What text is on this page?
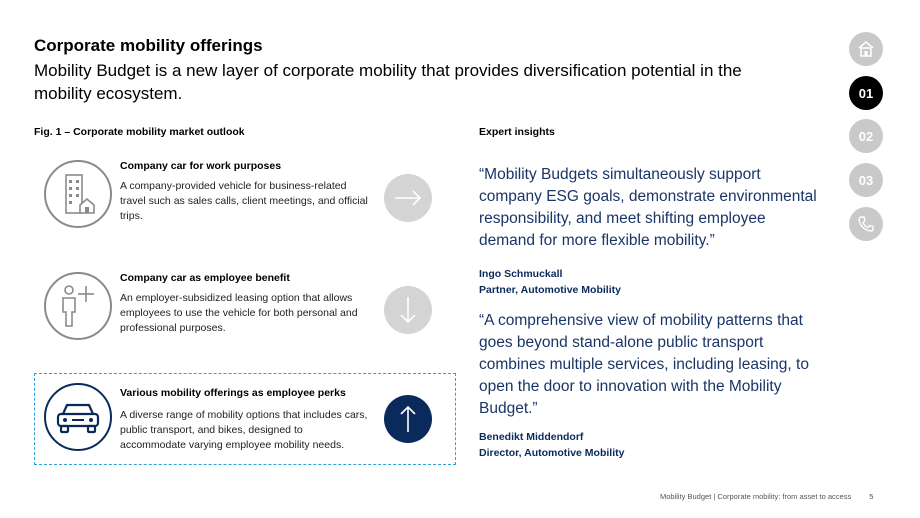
Corporate mobility offerings
Mobility Budget is a new layer of corporate mobility that provides diversification potential in the mobility ecosystem.
Fig. 1 – Corporate mobility market outlook	Expert insights
Company car for work purposes
A company-provided vehicle for business-related travel such as sales calls, client meetings, and official trips.
Company car as employee benefit
An employer-subsidized leasing option that allows employees to use the vehicle for both personal and professional purposes.
Various mobility offerings as employee perks
A diverse range of mobility options that includes cars, public transport, and bikes, designed to accommodate varying employee mobility needs.
“Mobility Budgets simultaneously support company ESG goals, demonstrate environmental responsibility, and meet shifting employee demand for more flexible mobility.”
Ingo Schmuckall
Partner, Automotive Mobility
“A comprehensive view of mobility patterns that goes beyond stand-alone public transport combines multiple services, including leasing, to open the door to innovation with the Mobility Budget.”
Benedikt Middendorf
Director, Automotive Mobility
01
02
03
Mobility Budget | Corporate mobility: from asset to access 5
